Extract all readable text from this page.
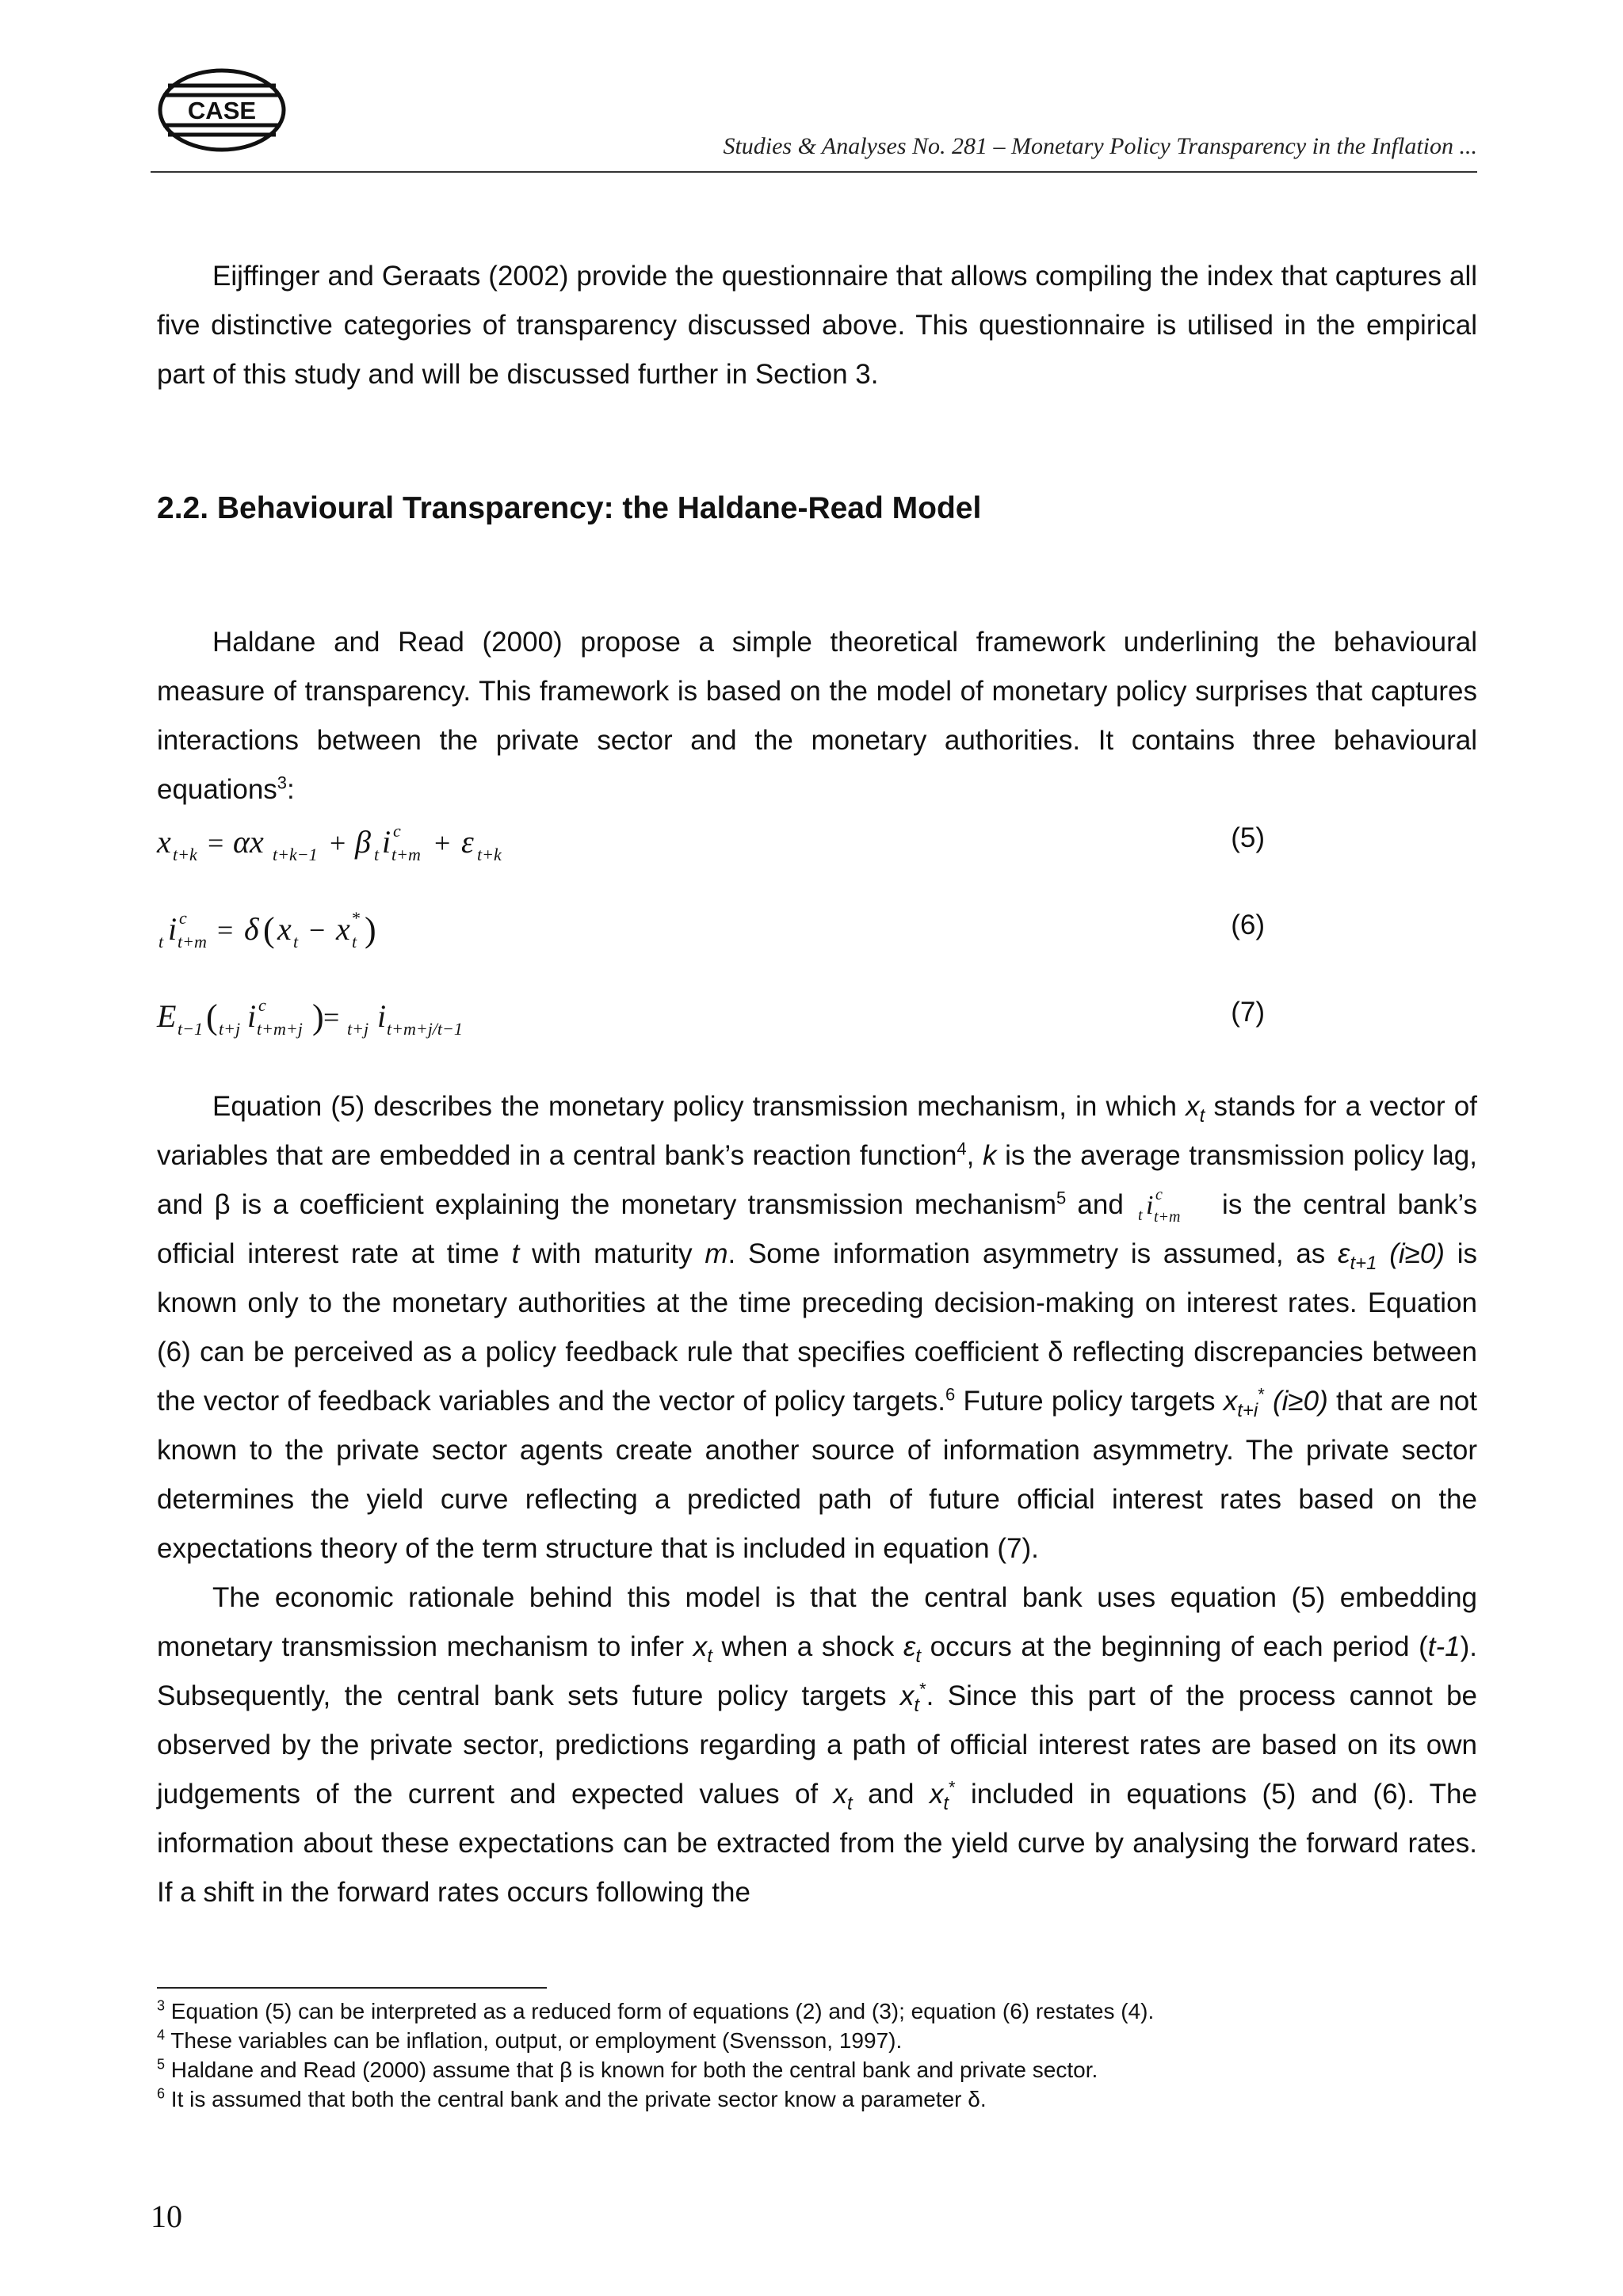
CASE
Studies & Analyses No. 281 – Monetary Policy Transparency in the Inflation ...

Eijffinger and Geraats (2002) provide the questionnaire that allows compiling the index that captures all five distinctive categories of transparency discussed above. This questionnaire is utilised in the empirical part of this study and will be discussed further in Section 3.

2.2. Behavioural Transparency: the Haldane-Read Model

Haldane and Read (2000) propose a simple theoretical framework underlining the behavioural measure of transparency. This framework is based on the model of monetary policy surprises that captures interactions between the private sector and the monetary authorities. It contains three behavioural equations$^3$:

x t+k = αx t+k−1 + β t i c
t+m + ε t+k
(5)
t i c
t+m = δ ( x t − x *
t )	(6)
E t−1 ( t+j i c
t+m+j ) = t+j i t+m+j/t−1
(7)

Equation (5) describes the monetary policy transmission mechanism, in which $x_t$ stands for a vector of variables that are embedded in a central bank’s reaction function$^4$, k is the average transmission policy lag, and β is a coefficient explaining the monetary transmission mechanism$^5$ and t i c
t+m is the central bank’s official interest rate at time t with maturity m. Some information asymmetry is assumed, as $\varepsilon_{t+1}$ (i≥0) is known only to the monetary authorities at the time preceding decision-making on interest rates. Equation (6) can be perceived as a policy feedback rule that specifies coefficient δ reflecting discrepancies between the vector of feedback variables and the vector of policy targets.$^6$ Future policy targets $x_{t+i}^*$ (i≥0) that are not known to the private sector agents create another source of information asymmetry. The private sector determines the yield curve reflecting a predicted path of future official interest rates based on the expectations theory of the term structure that is included in equation (7).

The economic rationale behind this model is that the central bank uses equation (5) embedding monetary transmission mechanism to infer $x_t$ when a shock $\varepsilon_t$ occurs at the beginning of each period (t-1). Subsequently, the central bank sets future policy targets $x_t^*$. Since this part of the process cannot be observed by the private sector, predictions regarding a path of official interest rates are based on its own judgements of the current and expected values of $x_t$ and $x_t^*$ included in equations (5) and (6). The information about these expectations can be extracted from the yield curve by analysing the forward rates. If a shift in the forward rates occurs following the

$^3$ Equation (5) can be interpreted as a reduced form of equations (2) and (3); equation (6) restates (4).

$^4$ These variables can be inflation, output, or employment (Svensson, 1997).

$^5$ Haldane and Read (2000) assume that β is known for both the central bank and private sector.

$^6$ It is assumed that both the central bank and the private sector know a parameter δ.

10
